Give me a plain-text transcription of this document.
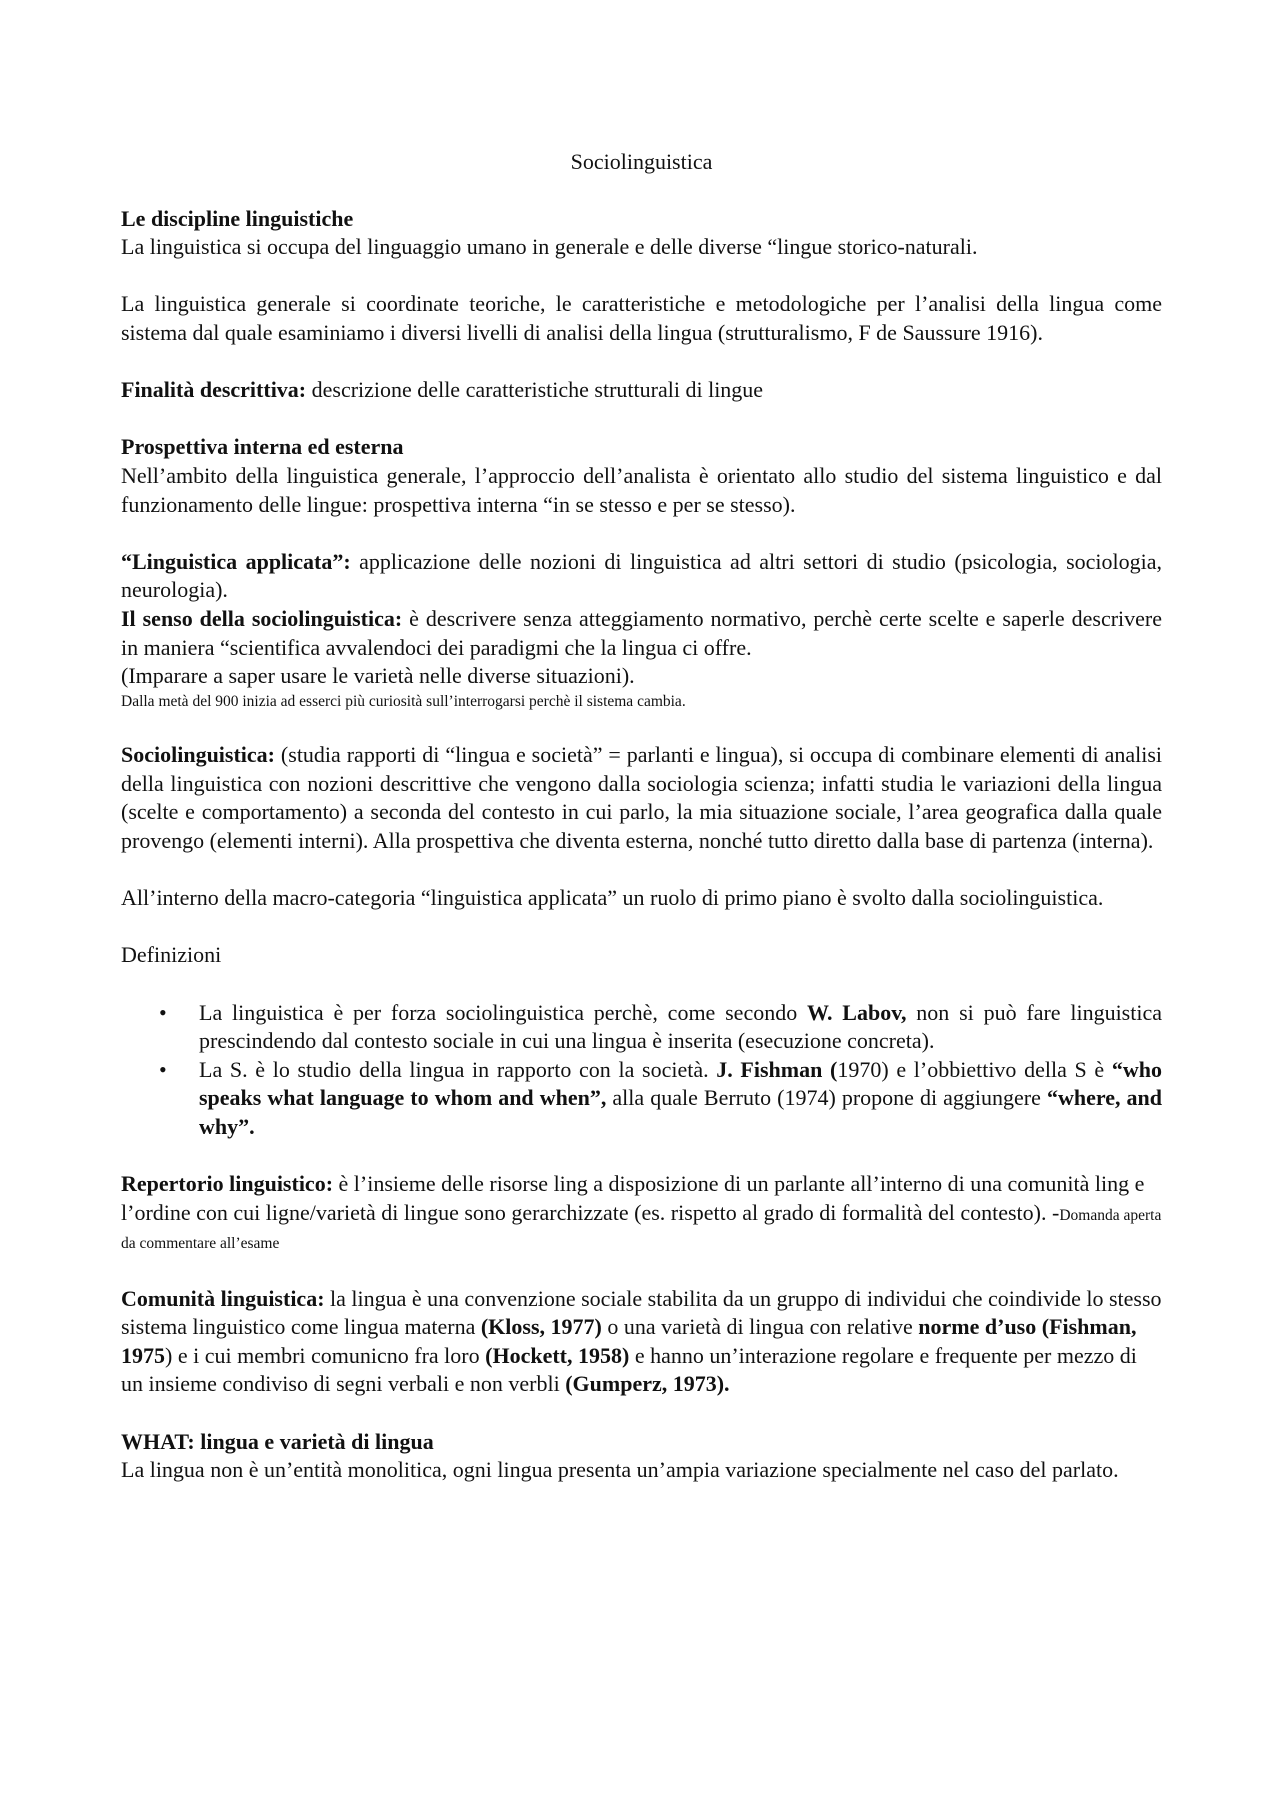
Sociolinguistica

Le discipline linguistiche

La linguistica si occupa del linguaggio umano in generale e delle diverse “lingue storico-naturali.

La linguistica generale si coordinate teoriche, le caratteristiche e metodologiche per l’analisi della lingua come sistema dal quale esaminiamo i diversi livelli di analisi della lingua (strutturalismo, F de Saussure 1916).

Finalità descrittiva: descrizione delle caratteristiche strutturali di lingue

Prospettiva interna ed esterna

Nell’ambito della linguistica generale, l’approccio dell’analista è orientato allo studio del sistema linguistico e dal funzionamento delle lingue: prospettiva interna “in se stesso e per se stesso).

“Linguistica applicata”: applicazione delle nozioni di linguistica ad altri settori di studio (psicologia, sociologia, neurologia).

Il senso della sociolinguistica: è descrivere senza atteggiamento normativo, perchè certe scelte e saperle descrivere in maniera “scientifica avvalendoci dei paradigmi che la lingua ci offre.

(Imparare a saper usare le varietà nelle diverse situazioni).

Dalla metà del 900 inizia ad esserci più curiosità sull’interrogarsi perchè il sistema cambia.

Sociolinguistica: (studia rapporti di “lingua e società” = parlanti e lingua), si occupa di combinare elementi di analisi della linguistica con nozioni descrittive che vengono dalla sociologia scienza; infatti studia le variazioni della lingua (scelte e comportamento) a seconda del contesto in cui parlo, la mia situazione sociale, l’area geografica dalla quale provengo (elementi interni). Alla prospettiva che diventa esterna, nonché tutto diretto dalla base di partenza (interna).

All’interno della macro-categoria “linguistica applicata” un ruolo di primo piano è svolto dalla sociolinguistica.

Definizioni

• La linguistica è per forza sociolinguistica perchè, come secondo W. Labov, non si può fare linguistica prescindendo dal contesto sociale in cui una lingua è inserita (esecuzione concreta).
• La S. è lo studio della lingua in rapporto con la società. J. Fishman (1970) e l’obbiettivo della S è “who speaks what language to whom and when”, alla quale Berruto (1974) propone di aggiungere “where, and why”.

Repertorio linguistico: è l’insieme delle risorse ling a disposizione di un parlante all’interno di una comunità ling e l’ordine con cui ligne/varietà di lingue sono gerarchizzate (es. rispetto al grado di formalità del contesto). -Domanda aperta da commentare all’esame

Comunità linguistica: la lingua è una convenzione sociale stabilita da un gruppo di individui che coindivide lo stesso sistema linguistico come lingua materna (Kloss, 1977) o una varietà di lingua con relative norme d’uso (Fishman, 1975) e i cui membri comunicno fra loro (Hockett, 1958) e hanno un’interazione regolare e frequente per mezzo di un insieme condiviso di segni verbali e non verbli (Gumperz, 1973).

WHAT: lingua e varietà di lingua

La lingua non è un’entità monolitica, ogni lingua presenta un’ampia variazione specialmente nel caso del parlato.
